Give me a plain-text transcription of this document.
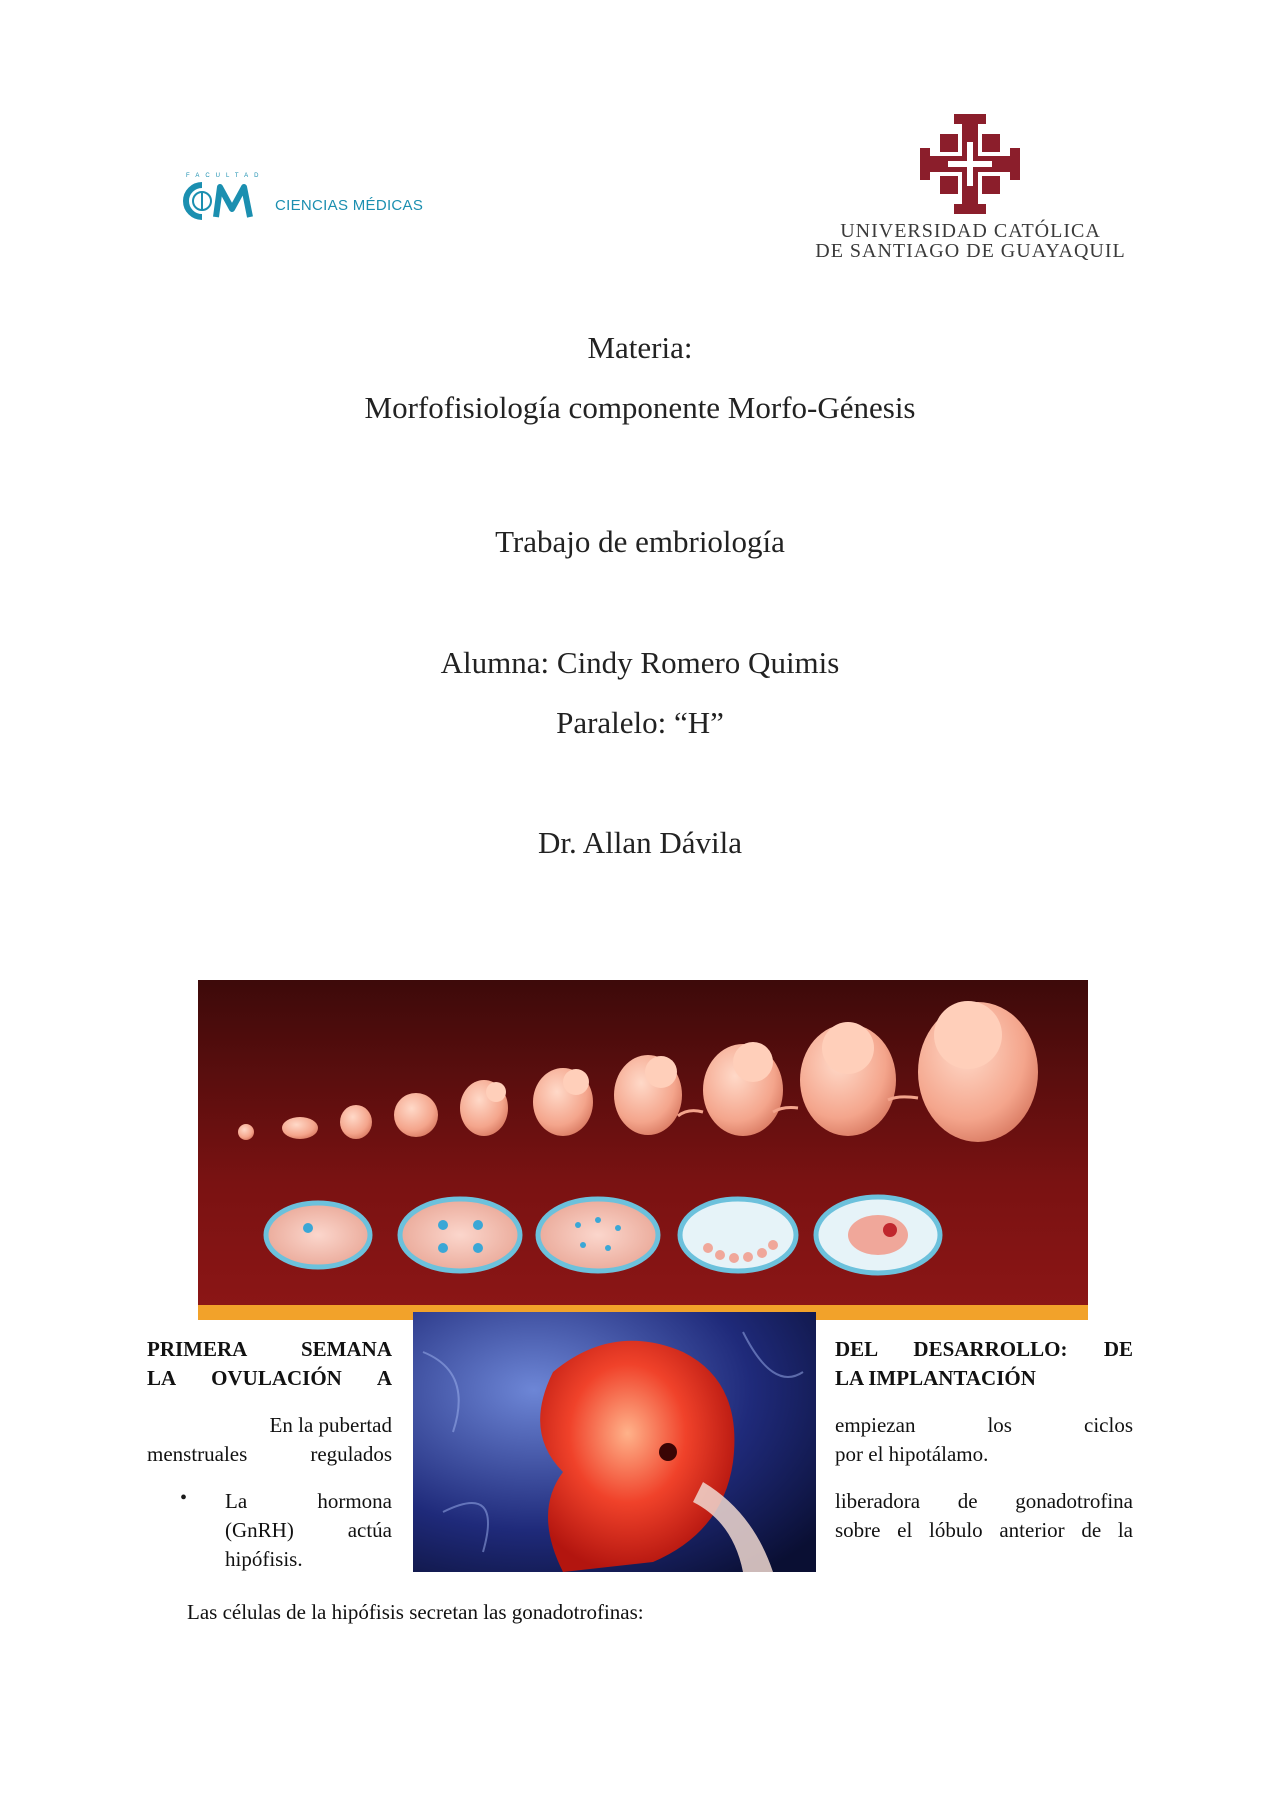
FACULTAD
CIENCIAS MÉDICAS
UNIVERSIDAD CATÓLICA
DE SANTIAGO DE GUAYAQUIL
Materia:
Morfofisiología componente Morfo-Génesis
Trabajo de embriología
Alumna: Cindy Romero Quimis
Paralelo: “H”
Dr. Allan Dávila
PRIMERA SEMANA
LA OVULACIÓN A
En la pubertad
menstruales regulados
• La hormona
(GnRH) actúa
hipófisis.
DEL DESARROLLO: DE
LA IMPLANTACIÓN
empiezan los ciclos
por el hipotálamo.
liberadora de gonadotrofina
sobre el lóbulo anterior de la
Las células de la hipófisis secretan las gonadotrofinas:
